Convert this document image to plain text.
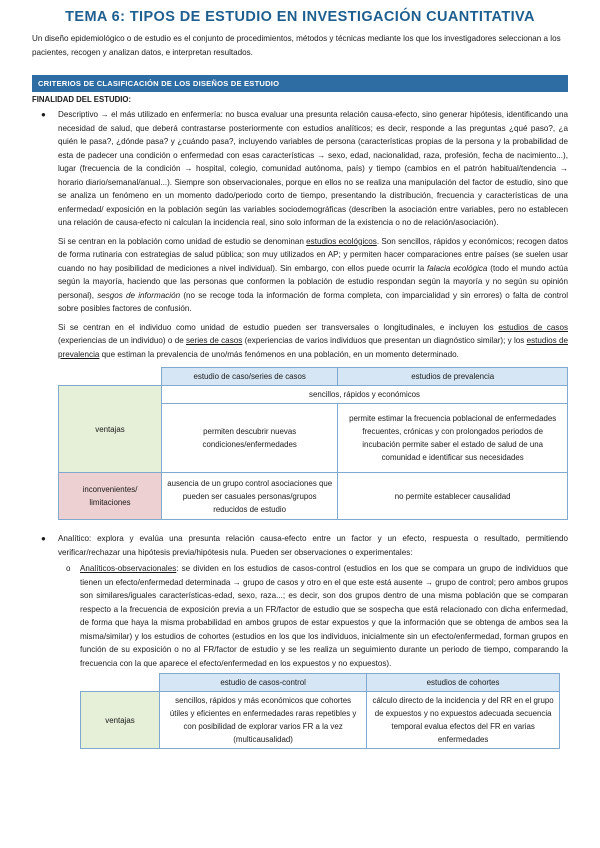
TEMA 6: TIPOS DE ESTUDIO EN INVESTIGACIÓN CUANTITATIVA

Un diseño epidemiológico o de estudio es el conjunto de procedimientos, métodos y técnicas mediante los que los investigadores seleccionan a los pacientes, recogen y analizan datos, e interpretan resultados.

CRITERIOS DE CLASIFICACIÓN DE LOS DISEÑOS DE ESTUDIO

FINALIDAD DEL ESTUDIO:

● Descriptivo → el más utilizado en enfermería: no busca evaluar una presunta relación causa-efecto, sino generar hipótesis, identificando una necesidad de salud, que deberá contrastarse posteriormente con estudios analíticos; es decir, responde a las preguntas ¿qué paso?, ¿a quién le pasa?, ¿dónde pasa? y ¿cuándo pasa?, incluyendo variables de persona (características propias de la persona y la probabilidad de esta de padecer una condición o enfermedad con esas características → sexo, edad, nacionalidad, raza, profesión, fecha de nacimiento...), lugar (frecuencia de la condición → hospital, colegio, comunidad autónoma, país) y tiempo (cambios en el patrón habitual/tendencia → horario diario/semanal/anual...). Siempre son observacionales, porque en ellos no se realiza una manipulación del factor de estudio, sino que se analiza un fenómeno en un momento dado/periodo corto de tiempo, presentando la distribución, frecuencia y características de una enfermedad/ exposición en la población según las variables sociodemográficas (describen la asociación entre variables, pero no establecen una relación de causa-efecto ni calculan la incidencia real, sino solo informan de la existencia o no de relación/asociación).

Si se centran en la población como unidad de estudio se denominan estudios ecológicos. Son sencillos, rápidos y económicos; recogen datos de forma rutinaria con estrategias de salud pública; son muy utilizados en AP; y permiten hacer comparaciones entre países (se suelen usar cuando no hay posibilidad de mediciones a nivel individual). Sin embargo, con ellos puede ocurrir la falacia ecológica (todo el mundo actúa según la mayoría, haciendo que las personas que conformen la población de estudio respondan según la mayoría y no según su opinión personal), sesgos de información (no se recoge toda la información de forma completa, con imparcialidad y sin errores) o falta de control sobre posibles factores de confusión.

Si se centran en el individuo como unidad de estudio pueden ser transversales o longitudinales, e incluyen los estudios de casos (experiencias de un individuo) o de series de casos (experiencias de varios individuos que presentan un diagnóstico similar); y los estudios de prevalencia que estiman la prevalencia de uno/más fenómenos en una población, en un momento determinado.

	estudio de caso/series de casos	estudios de prevalencia
ventajas	sencillos, rápidos y económicos	
	permiten descubrir nuevas condiciones/enfermedades	permite estimar la frecuencia poblacional de enfermedades frecuentes, crónicas y con prolongados periodos de incubación permite saber el estado de salud de una comunidad e identificar sus necesidades
inconvenientes/ limitaciones	ausencia de un grupo control asociaciones que pueden ser casuales personas/grupos reducidos de estudio	no permite establecer causalidad
● Analítico: explora y evalúa una presunta relación causa-efecto entre un factor y un efecto, respuesta o resultado, permitiendo verificar/rechazar una hipótesis previa/hipótesis nula. Pueden ser observaciones o experimentales:

o Analíticos-observacionales: se dividen en los estudios de casos-control (estudios en los que se compara un grupo de individuos que tienen un efecto/enfermedad determinada → grupo de casos y otro en el que este está ausente → grupo de control; pero ambos grupos son similares/iguales características-edad, sexo, raza...; es decir, son dos grupos dentro de una misma población que se comparan respecto a la frecuencia de exposición previa a un FR/factor de estudio que se sospecha que está relacionado con dicha enfermedad, de forma que haya la misma probabilidad en ambos grupos de estar expuestos y que la información que se obtenga de ambos sea la misma/similar) y los estudios de cohortes (estudios en los que los individuos, inicialmente sin un efecto/enfermedad, forman grupos en función de su exposición o no al FR/factor de estudio y se les realiza un seguimiento durante un periodo de tiempo, comparando la frecuencia con la que aparece el efecto/enfermedad en los expuestos y no expuestos).

	estudio de casos-control	estudios de cohortes
ventajas	sencillos, rápidos y más económicos que cohortes útiles y eficientes en enfermedades raras repetibles y con posibilidad de explorar varios FR a la vez (multicausalidad)	cálculo directo de la incidencia y del RR en el grupo de expuestos y no expuestos adecuada secuencia temporal evalua efectos del FR en varias enfermedades
